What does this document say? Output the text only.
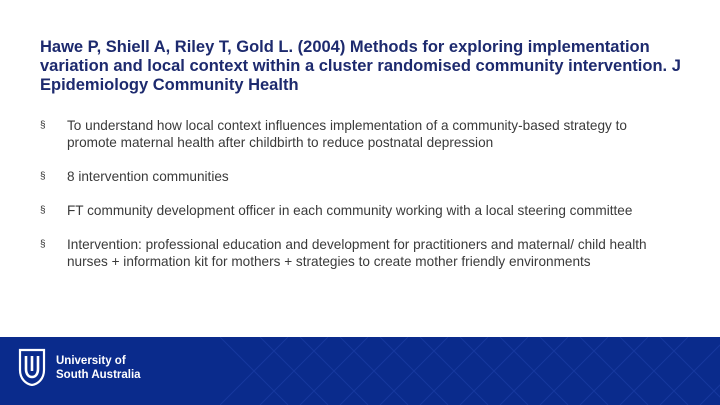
Hawe P, Shiell A, Riley T, Gold L. (2004) Methods for exploring implementation variation and local context within a cluster randomised community intervention. J Epidemiology Community Health
§ To understand how local context influences implementation of a community-based strategy to promote maternal health after childbirth to reduce postnatal depression
§ 8 intervention communities
§ FT community development officer in each community working with a local steering committee
§ Intervention: professional education and development for practitioners and maternal/ child health nurses + information kit for mothers + strategies to create mother friendly environments
University of
South Australia
